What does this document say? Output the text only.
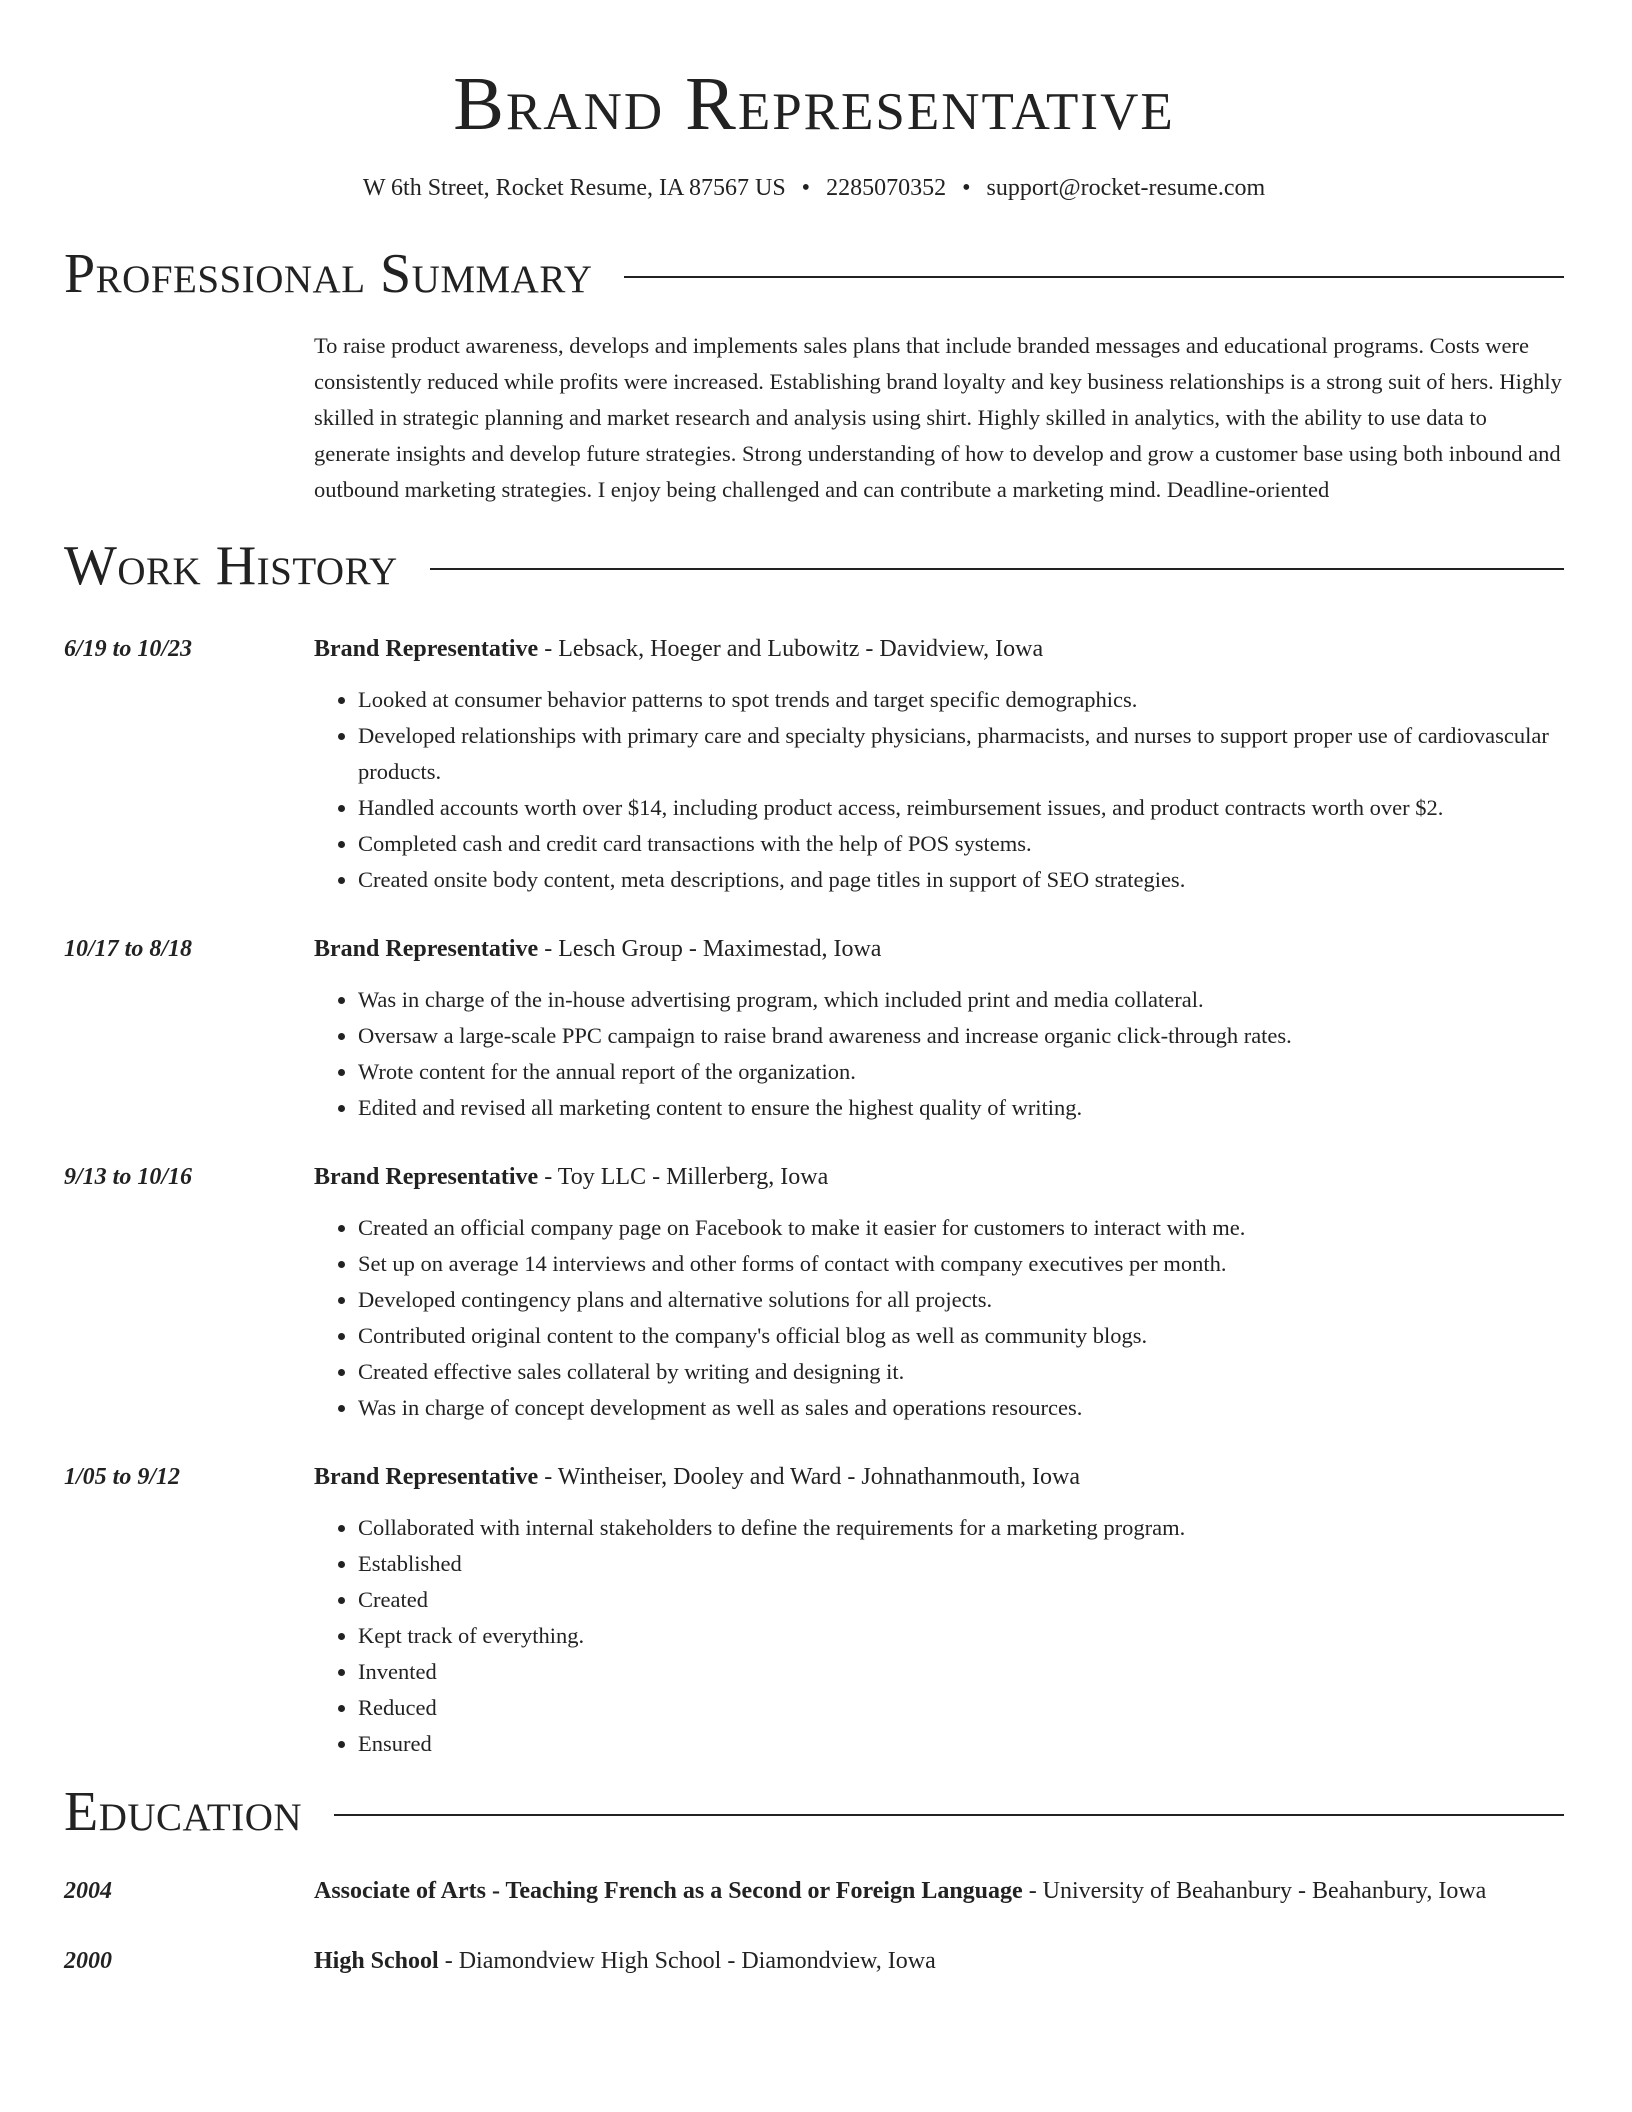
Brand Representative
W 6th Street, Rocket Resume, IA 87567 US • 2285070352 • support@rocket-resume.com
Professional Summary
To raise product awareness, develops and implements sales plans that include branded messages and educational programs. Costs were consistently reduced while profits were increased. Establishing brand loyalty and key business relationships is a strong suit of hers. Highly skilled in strategic planning and market research and analysis using shirt. Highly skilled in analytics, with the ability to use data to generate insights and develop future strategies. Strong understanding of how to develop and grow a customer base using both inbound and outbound marketing strategies. I enjoy being challenged and can contribute a marketing mind. Deadline-oriented
Work History
6/19 to 10/23	Brand Representative - Lebsack, Hoeger and Lubowitz - Davidview, Iowa
• Looked at consumer behavior patterns to spot trends and target specific demographics.
• Developed relationships with primary care and specialty physicians, pharmacists, and nurses to support proper use of cardiovascular products.
• Handled accounts worth over $14, including product access, reimbursement issues, and product contracts worth over $2.
• Completed cash and credit card transactions with the help of POS systems.
• Created onsite body content, meta descriptions, and page titles in support of SEO strategies.
10/17 to 8/18	Brand Representative - Lesch Group - Maximestad, Iowa
• Was in charge of the in-house advertising program, which included print and media collateral.
• Oversaw a large-scale PPC campaign to raise brand awareness and increase organic click-through rates.
• Wrote content for the annual report of the organization.
• Edited and revised all marketing content to ensure the highest quality of writing.
9/13 to 10/16	Brand Representative - Toy LLC - Millerberg, Iowa
• Created an official company page on Facebook to make it easier for customers to interact with me.
• Set up on average 14 interviews and other forms of contact with company executives per month.
• Developed contingency plans and alternative solutions for all projects.
• Contributed original content to the company's official blog as well as community blogs.
• Created effective sales collateral by writing and designing it.
• Was in charge of concept development as well as sales and operations resources.
1/05 to 9/12	Brand Representative - Wintheiser, Dooley and Ward - Johnathanmouth, Iowa
• Collaborated with internal stakeholders to define the requirements for a marketing program.
• Established
• Created
• Kept track of everything.
• Invented
• Reduced
• Ensured
Education
2004	Associate of Arts - Teaching French as a Second or Foreign Language - University of Beahanbury - Beahanbury, Iowa
2000	High School - Diamondview High School - Diamondview, Iowa
